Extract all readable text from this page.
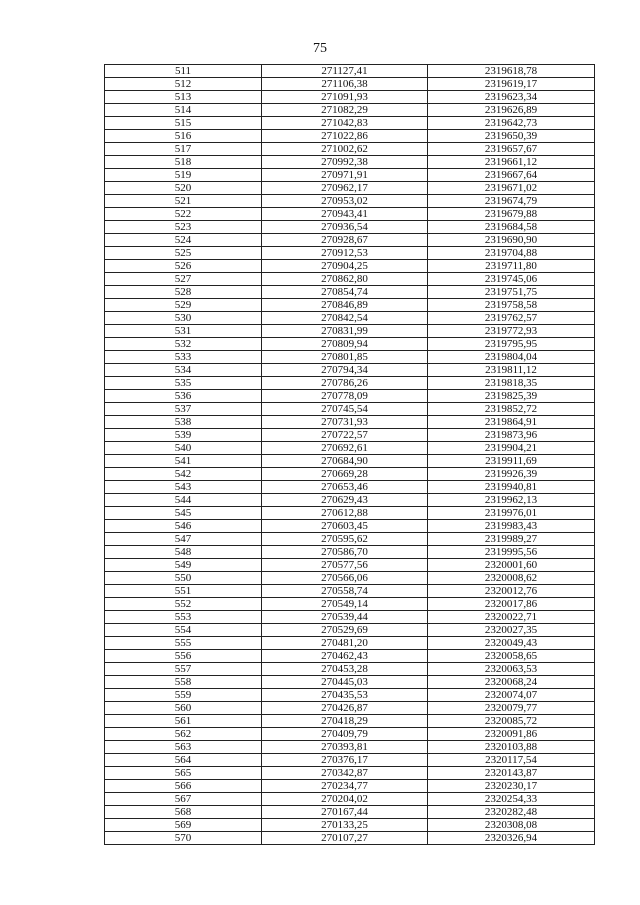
75
511	271127,41	2319618,78
512	271106,38	2319619,17
513	271091,93	2319623,34
514	271082,29	2319626,89
515	271042,83	2319642,73
516	271022,86	2319650,39
517	271002,62	2319657,67
518	270992,38	2319661,12
519	270971,91	2319667,64
520	270962,17	2319671,02
521	270953,02	2319674,79
522	270943,41	2319679,88
523	270936,54	2319684,58
524	270928,67	2319690,90
525	270912,53	2319704,88
526	270904,25	2319711,80
527	270862,80	2319745,06
528	270854,74	2319751,75
529	270846,89	2319758,58
530	270842,54	2319762,57
531	270831,99	2319772,93
532	270809,94	2319795,95
533	270801,85	2319804,04
534	270794,34	2319811,12
535	270786,26	2319818,35
536	270778,09	2319825,39
537	270745,54	2319852,72
538	270731,93	2319864,91
539	270722,57	2319873,96
540	270692,61	2319904,21
541	270684,90	2319911,69
542	270669,28	2319926,39
543	270653,46	2319940,81
544	270629,43	2319962,13
545	270612,88	2319976,01
546	270603,45	2319983,43
547	270595,62	2319989,27
548	270586,70	2319995,56
549	270577,56	2320001,60
550	270566,06	2320008,62
551	270558,74	2320012,76
552	270549,14	2320017,86
553	270539,44	2320022,71
554	270529,69	2320027,35
555	270481,20	2320049,43
556	270462,43	2320058,65
557	270453,28	2320063,53
558	270445,03	2320068,24
559	270435,53	2320074,07
560	270426,87	2320079,77
561	270418,29	2320085,72
562	270409,79	2320091,86
563	270393,81	2320103,88
564	270376,17	2320117,54
565	270342,87	2320143,87
566	270234,77	2320230,17
567	270204,02	2320254,33
568	270167,44	2320282,48
569	270133,25	2320308,08
570	270107,27	2320326,94
